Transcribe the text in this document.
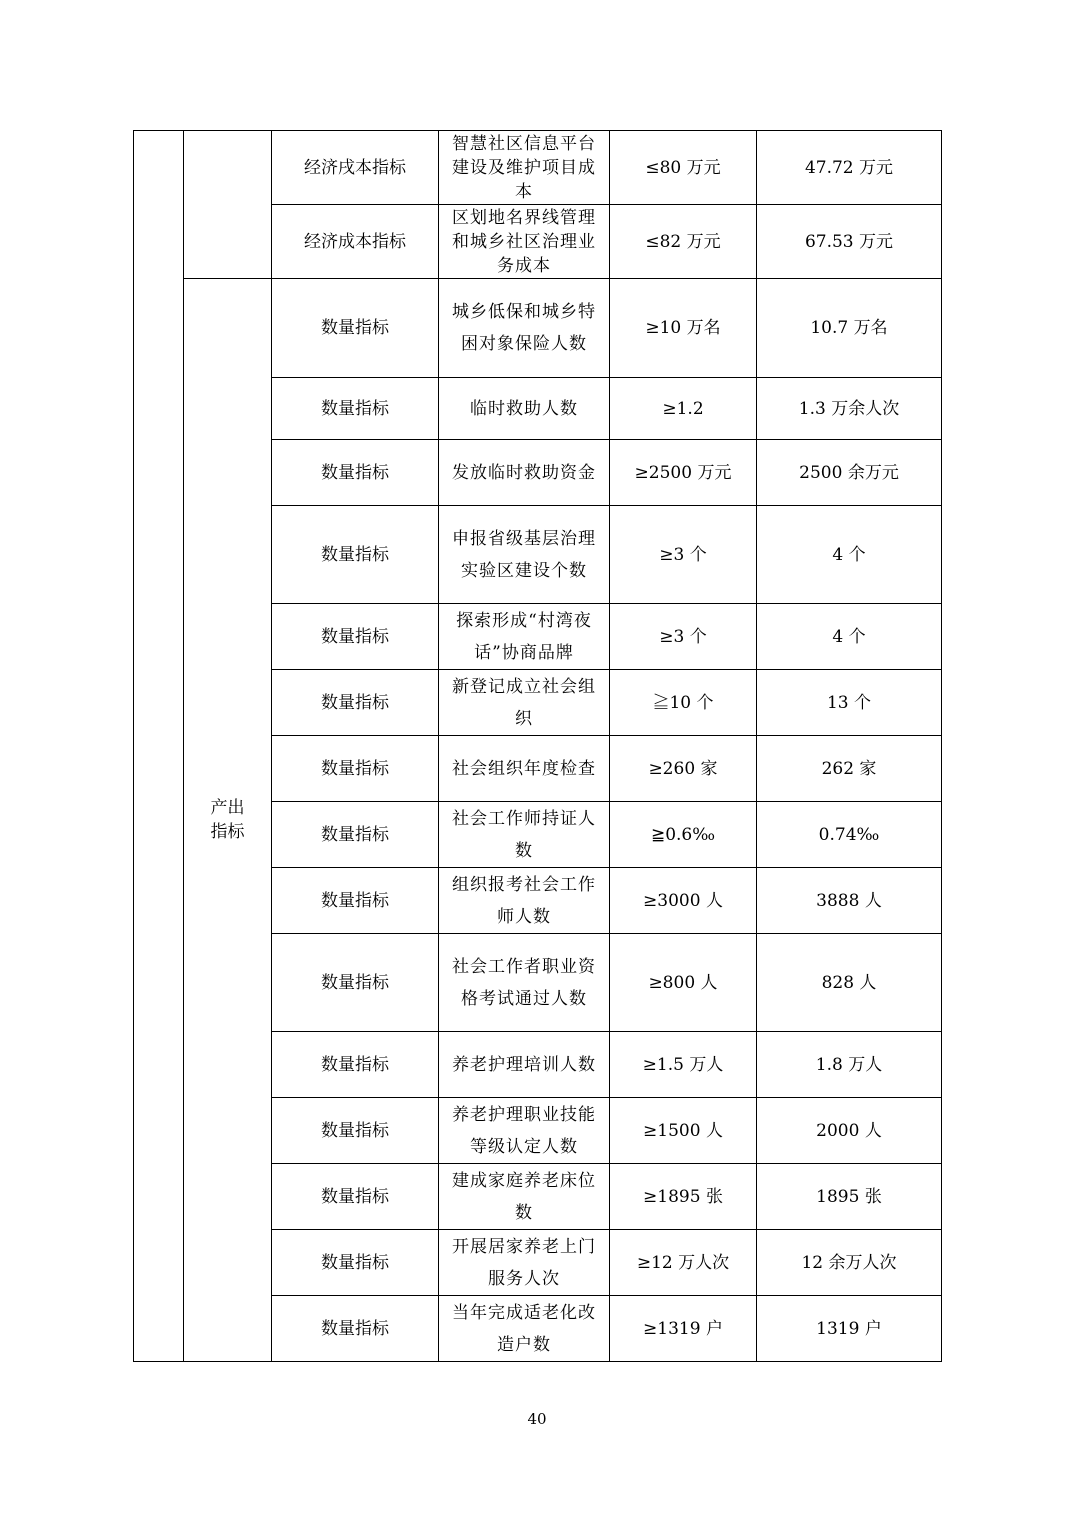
		经济戌本指标	智慧社区信息平台建设及维护项目成本	≤80 万元	47.72 万元
		经济成本指标	区划地名界线管理和城乡社区治理业务成本	≤82 万元	67.53 万元
	产出指标	数量指标	城乡低保和城乡特困对象保险人数	≥10 万名	10.7 万名
		数量指标	临时救助人数	≥1.2	1.3 万余人次
		数量指标	发放临时救助资金	≥2500 万元	2500 余万元
		数量指标	申报省级基层治理实验区建设个数	≥3 个	4 个
		数量指标	探索形成“村湾夜话”协商品牌	≥3 个	4 个
		数量指标	新登记成立社会组织	≧10 个	13 个
		数量指标	社会组织年度检查	≥260 家	262 家
		数量指标	社会工作师持证人数	≧0.6‰	0.74‰
		数量指标	组织报考社会工作师人数	≥3000 人	3888 人
		数量指标	社会工作者职业资格考试通过人数	≥800 人	828 人
		数量指标	养老护理培训人数	≥1.5 万人	1.8 万人
		数量指标	养老护理职业技能等级认定人数	≥1500 人	2000 人
		数量指标	建成家庭养老床位数	≥1895 张	1895 张
		数量指标	开展居家养老上门服务人次	≥12 万人次	12 余万人次
		数量指标	当年完成适老化改造户数	≥1319 户	1319 户
40
